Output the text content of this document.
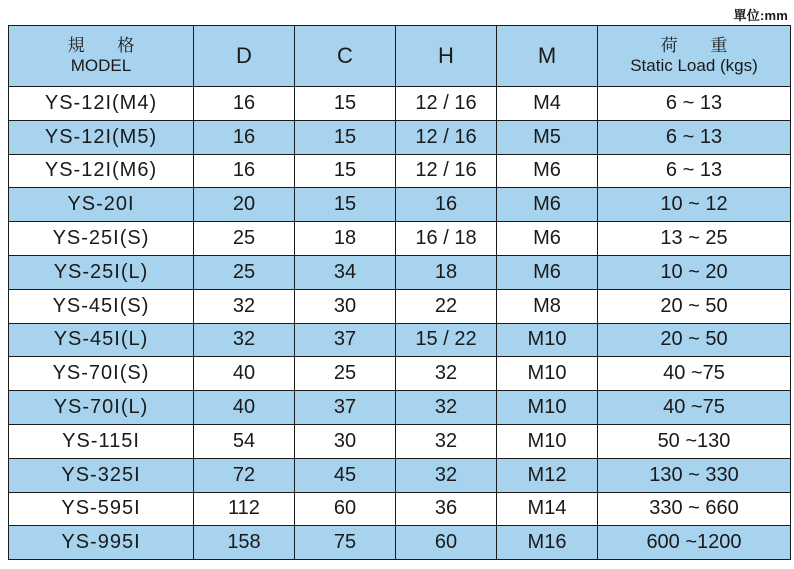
單位:mm
規 格
MODEL	D	C	H	M	荷 重
Static Load (kgs)
YS-12I(M4)	16	15	12 / 16	M4	6 ~ 13
YS-12I(M5)	16	15	12 / 16	M5	6 ~ 13
YS-12I(M6)	16	15	12 / 16	M6	6 ~ 13
YS-20I	20	15	16	M6	10 ~ 12
YS-25I(S)	25	18	16 / 18	M6	13 ~ 25
YS-25I(L)	25	34	18	M6	10 ~ 20
YS-45I(S)	32	30	22	M8	20 ~ 50
YS-45I(L)	32	37	15 / 22	M10	20 ~ 50
YS-70I(S)	40	25	32	M10	40 ~75
YS-70I(L)	40	37	32	M10	40 ~75
YS-115I	54	30	32	M10	50 ~130
YS-325I	72	45	32	M12	130 ~ 330
YS-595I	112	60	36	M14	330 ~ 660
YS-995I	158	75	60	M16	600 ~1200
